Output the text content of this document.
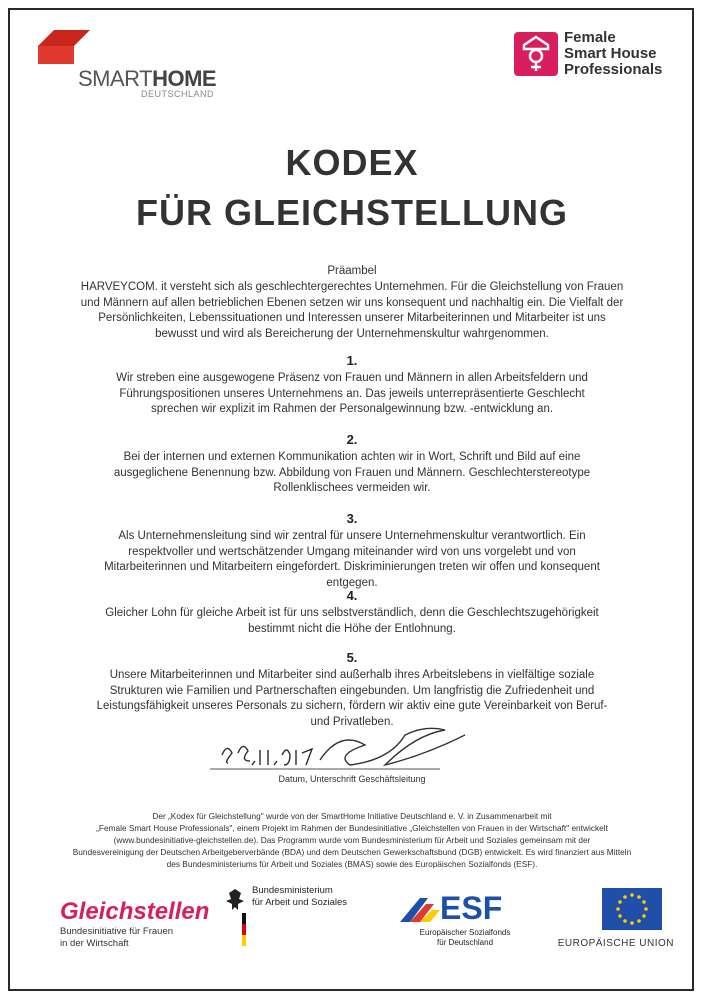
SMARTHOME
DEUTSCHLAND
Female
Smart House
Professionals
KODEX
FÜR GLEICHSTELLUNG
Präambel
HARVEYCOM. it versteht sich als geschlechtergerechtes Unternehmen. Für die Gleichstellung von Frauen und Männern auf allen betrieblichen Ebenen setzen wir uns konsequent und nachhaltig ein. Die Vielfalt der Persönlichkeiten, Lebenssituationen und Interessen unserer Mitarbeiterinnen und Mitarbeiter ist uns bewusst und wird als Bereicherung der Unternehmenskultur wahrgenommen.
1.
Wir streben eine ausgewogene Präsenz von Frauen und Männern in allen Arbeitsfeldern und Führungspositionen unseres Unternehmens an. Das jeweils unterrepräsentierte Geschlecht sprechen wir explizit im Rahmen der Personalgewinnung bzw. -entwicklung an.
2.
Bei der internen und externen Kommunikation achten wir in Wort, Schrift und Bild auf eine ausgeglichene Benennung bzw. Abbildung von Frauen und Männern. Geschlechterstereotype Rollenklischees vermeiden wir.
3.
Als Unternehmensleitung sind wir zentral für unsere Unternehmenskultur verantwortlich. Ein respektvoller und wertschätzender Umgang miteinander wird von uns vorgelebt und von Mitarbeiterinnen und Mitarbeitern eingefordert. Diskriminierungen treten wir offen und konsequent entgegen.
4.
Gleicher Lohn für gleiche Arbeit ist für uns selbstverständlich, denn die Geschlechtszugehörigkeit bestimmt nicht die Höhe der Entlohnung.
5.
Unsere Mitarbeiterinnen und Mitarbeiter sind außerhalb ihres Arbeitslebens in vielfältige soziale Strukturen wie Familien und Partnerschaften eingebunden. Um langfristig die Zufriedenheit und Leistungsfähigkeit unseres Personals zu sichern, fördern wir aktiv eine gute Vereinbarkeit von Beruf- und Privatleben.
Datum, Unterschrift Geschäftsleitung
Der „Kodex für Gleichstellung" wurde von der SmartHome Initiative Deutschland e. V. in Zusammenarbeit mit
„Female Smart House Professionals", einem Projekt im Rahmen der Bundesinitiative „Gleichstellen von Frauen in der Wirtschaft" entwickelt
(www.bundesinitiative-gleichstellen.de). Das Programm wurde vom Bundesministerium für Arbeit und Soziales gemeinsam mit der
Bundesvereinigung der Deutschen Arbeitgeberverbände (BDA) und dem Deutschen Gewerkschaftsbund (DGB) entwickelt. Es wird finanziert aus Mitteln
des Bundesministeriums für Arbeit und Soziales (BMAS) sowie des Europäischen Sozialfonds (ESF).
Gleichstellen
Bundesinitiative für Frauen
in der Wirtschaft
Bundesministerium
für Arbeit und Soziales	ESF
Europäischer Sozialfonds
für Deutschland	EUROPÄISCHE UNION
